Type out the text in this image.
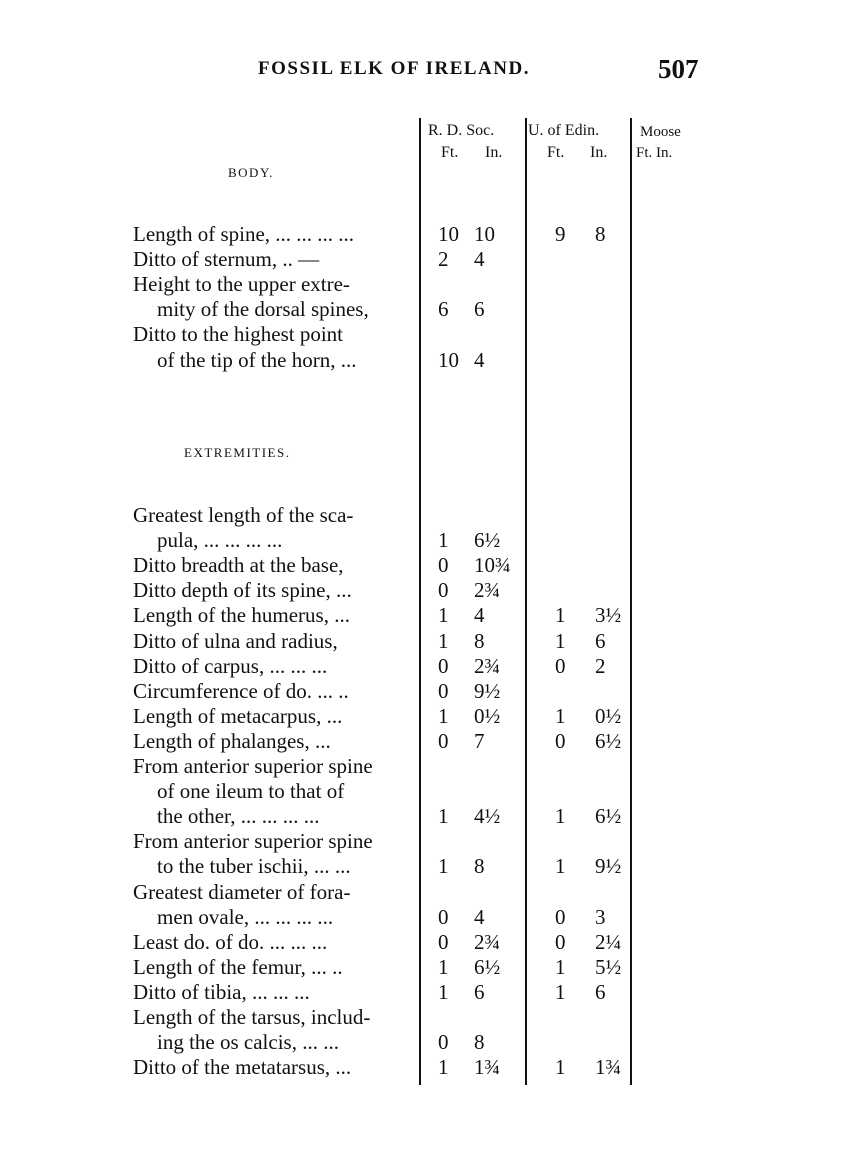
FOSSIL ELK OF IRELAND.	507
R. D. Soc.
Ft. In.
U. of Edin.
Ft. In.
Moose
Ft. In.
BODY.
EXTREMITIES.
Length of spine, ... ... ... ...	10 10	9 8
Ditto of sternum, .. —	2 4
Height to the upper extre-
mity of the dorsal spines,	6 6
Ditto to the highest point
of the tip of the horn, ...	10 4
Greatest length of the sca-
pula, ... ... ... ...	1 6½
Ditto breadth at the base,	0 10¾
Ditto depth of its spine, ...	0 2¾
Length of the humerus, ...	1 4	1 3½
Ditto of ulna and radius,	1 8	1 6
Ditto of carpus, ... ... ...	0 2¾	0 2
Circumference of do. ... ..	0 9½
Length of metacarpus, ...	1 0½	1 0½
Length of phalanges, ...	0 7	0 6½
From anterior superior spine
of one ileum to that of
the other, ... ... ... ...	1 4½	1 6½
From anterior superior spine
to the tuber ischii, ... ...	1 8	1 9½
Greatest diameter of fora-
men ovale, ... ... ... ...	0 4	0 3
Least do. of do. ... ... ...	0 2¾	0 2¼
Length of the femur, ... ..	1 6½	1 5½
Ditto of tibia, ... ... ...	1 6	1 6
Length of the tarsus, includ-
ing the os calcis, ... ...	0 8
Ditto of the metatarsus, ...	1 1¾	1 1¾
